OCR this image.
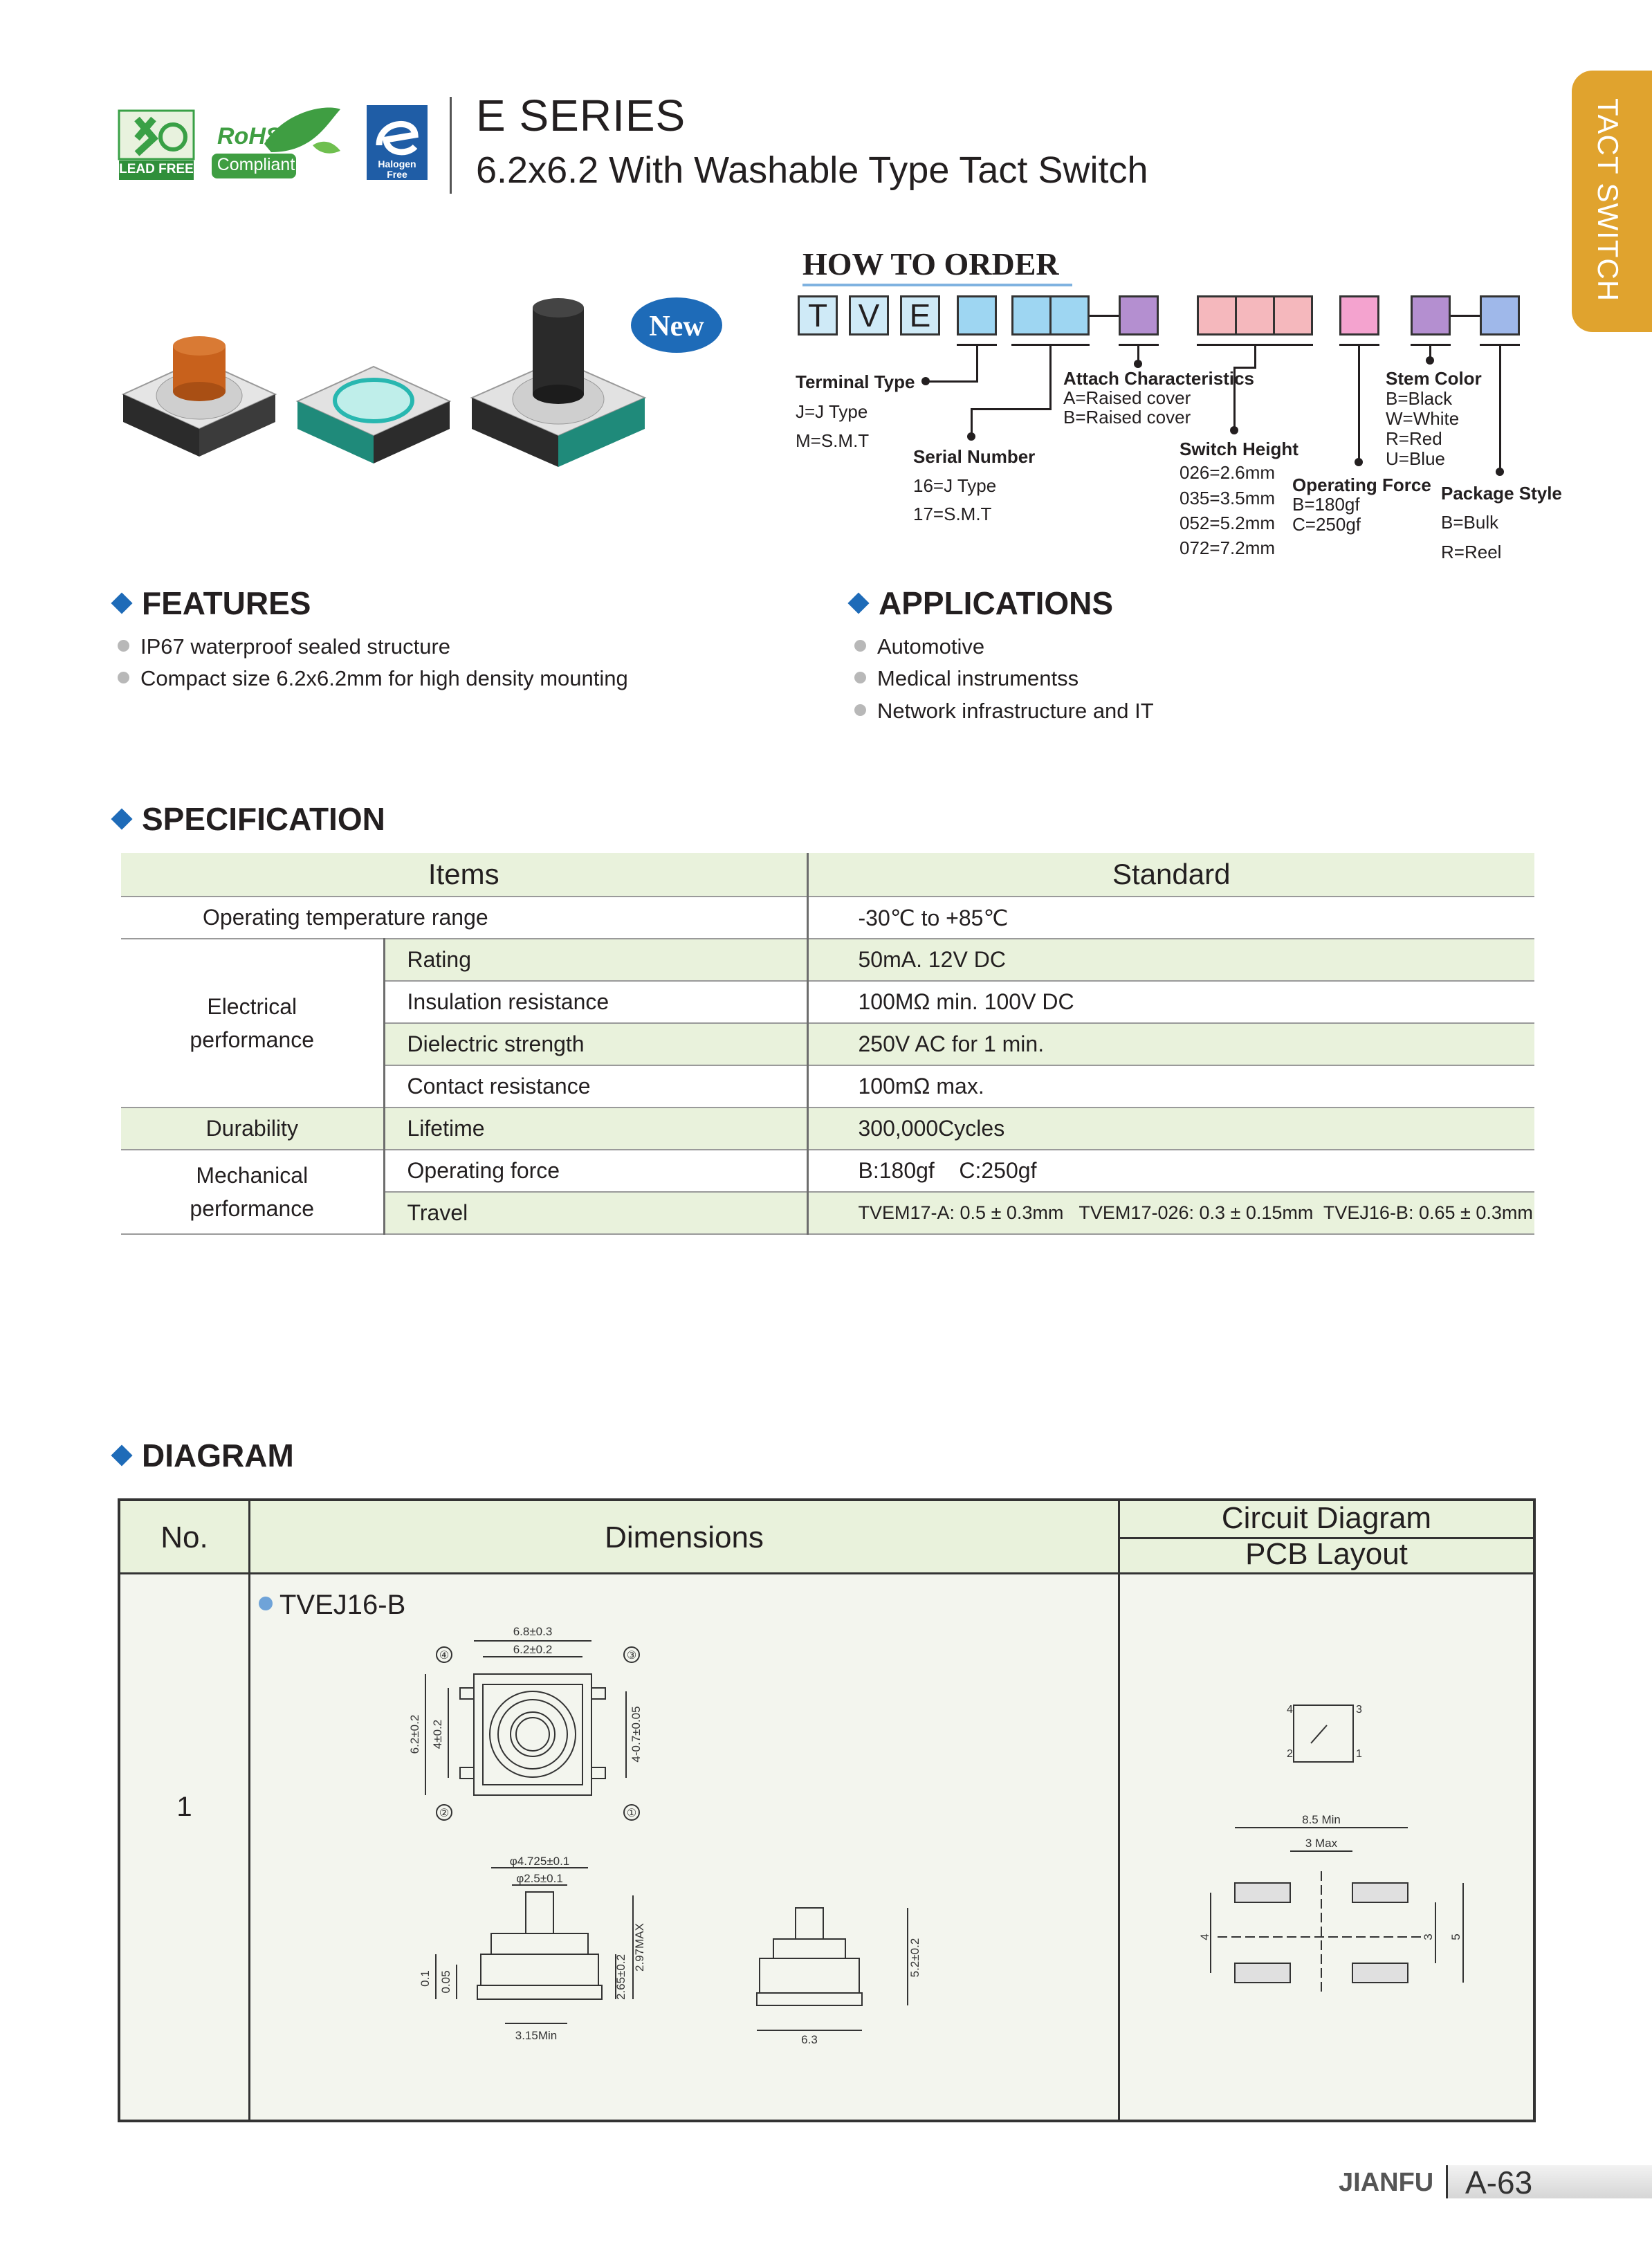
LEAD FREE
RoHS
Compliant	Halogen Free
E SERIES
6.2x6.2 With Washable Type Tact Switch	TACT SWITCH
New
HOW TO ORDER
T V E
Terminal Type
J=J Type
M=S.M.T
Serial Number
16=J Type
17=S.M.T
Attach Characteristics
A=Raised cover
B=Raised cover
Switch Height
026=2.6mm
035=3.5mm
052=5.2mm
072=7.2mm
Operating Force
B=180gf
C=250gf
Stem Color
B=Black
W=White
R=Red
U=Blue
Package Style
B=Bulk
R=Reel
FEATURES
IP67 waterproof sealed structure
Compact size 6.2x6.2mm for high density mounting
APPLICATIONS
Automotive
Medical instrumentss
Network infrastructure and IT
SPECIFICATION
Items		Standard
Operating temperature range		-30℃ to +85℃

Electrical performance	Rating	50mA. 12V DC
	Insulation resistance	100MΩ min. 100V DC
	Dielectric strength	250V AC for 1 min.
	Contact resistance	100mΩ max.
Durability	Lifetime	300,000Cycles

Mechanical performance	Operating force	B:180gf    C:250gf
	Travel	TVEM17-A: 0.5 ± 0.3mm   TVEM17-026: 0.3 ± 0.15mm  TVEJ16-B: 0.65 ± 0.3mm
DIAGRAM
No.	Dimensions
Circuit Diagram
PCB Layout
1
TVEJ16-B
6.8±0.3
6.2±0.2
6.2±0.2 4±0.2	4-0.7±0.05
④	③
②	①
φ4.725±0.1
φ2.5±0.1
3.15Min
2.65±0.2
2.97MAX
0.1 0.05
6.3
5.2±0.2
4	3
2	1
8.5 Min
3 Max
4	3 5
JIANFU A-63
